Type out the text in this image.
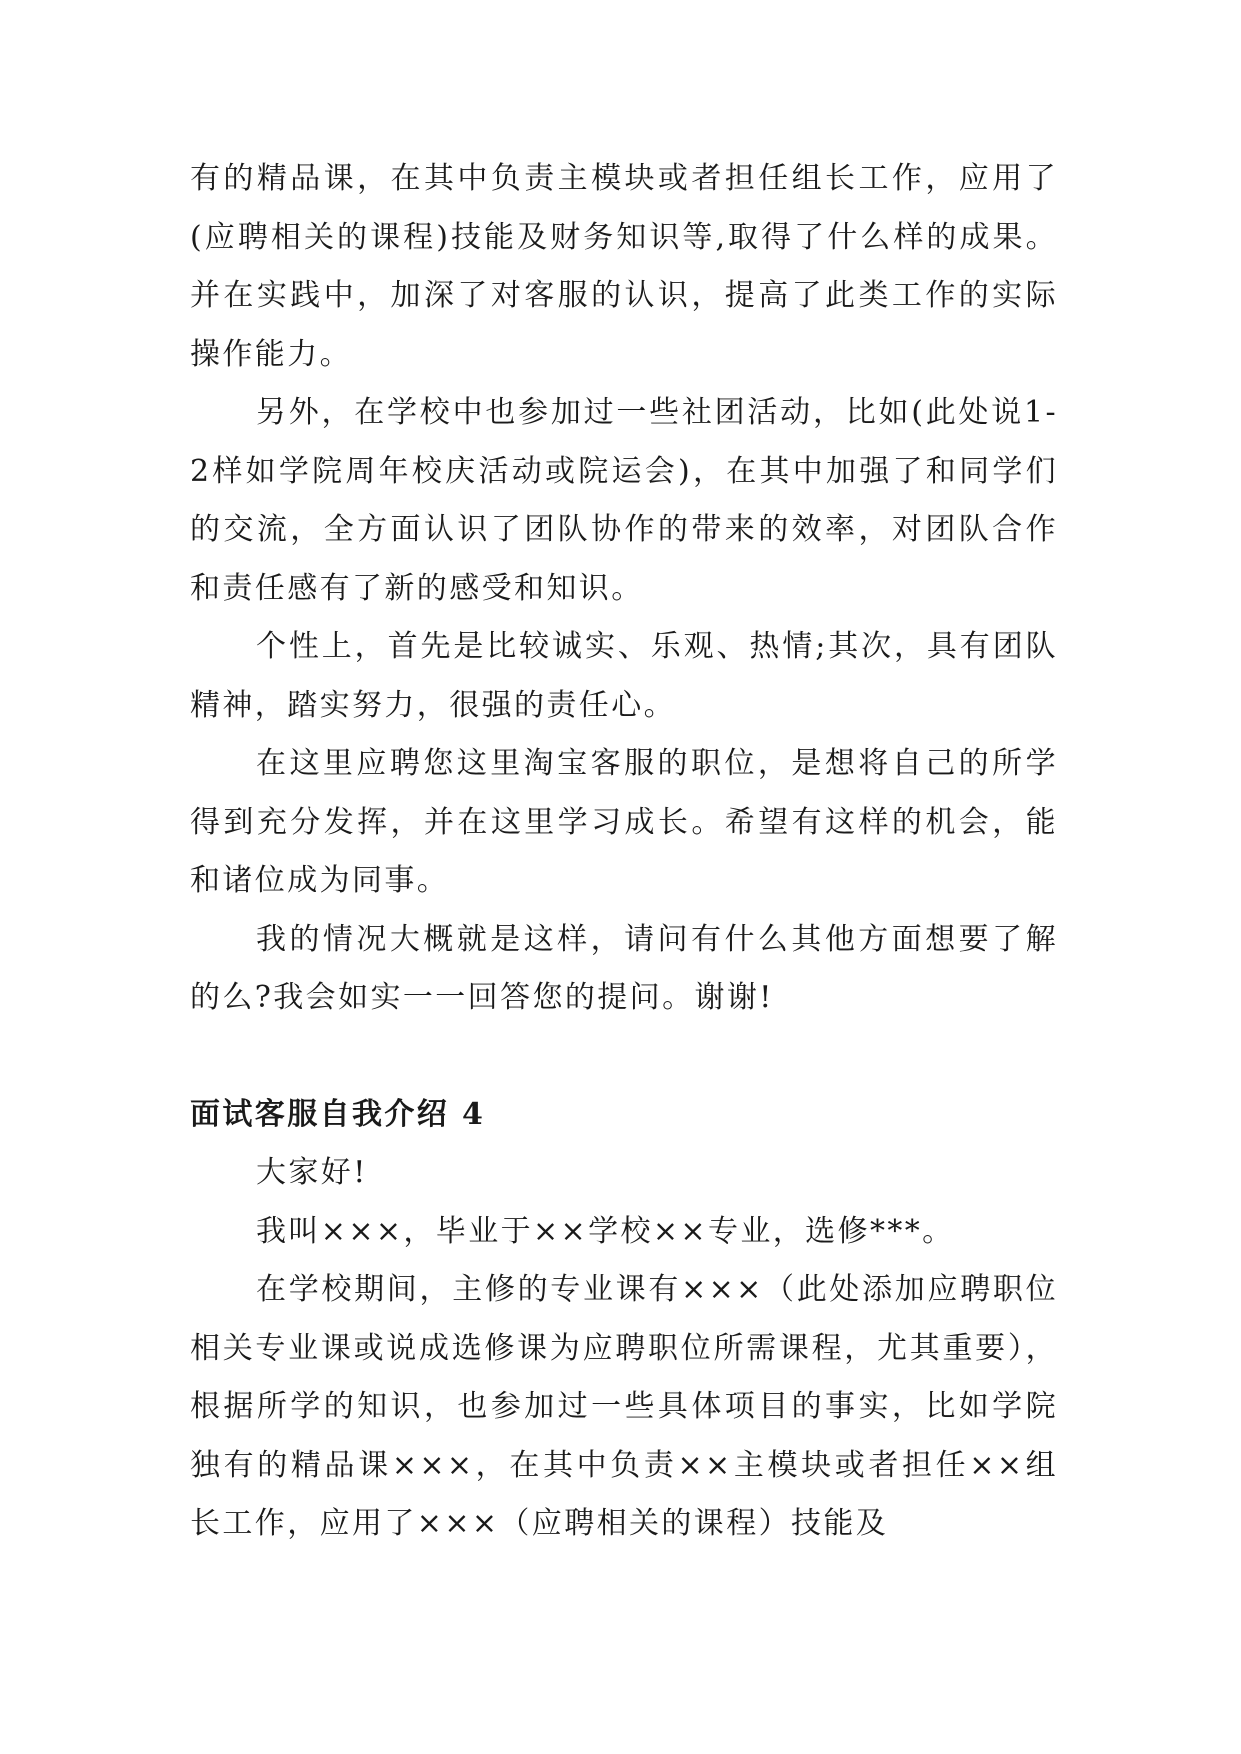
有的精品课，在其中负责主模块或者担任组长工作，应用了(应聘相关的课程)技能及财务知识等,取得了什么样的成果。并在实践中，加深了对客服的认识，提高了此类工作的实际操作能力。

另外，在学校中也参加过一些社团活动，比如(此处说1-2样如学院周年校庆活动或院运会)，在其中加强了和同学们的交流，全方面认识了团队协作的带来的效率，对团队合作和责任感有了新的感受和知识。

个性上，首先是比较诚实、乐观、热情;其次，具有团队精神，踏实努力，很强的责任心。

在这里应聘您这里淘宝客服的职位，是想将自己的所学得到充分发挥，并在这里学习成长。希望有这样的机会，能和诸位成为同事。

我的情况大概就是这样，请问有什么其他方面想要了解的么?我会如实一一回答您的提问。谢谢!

面试客服自我介绍 4

大家好!

我叫×××，毕业于××学校××专业，选修***。

在学校期间，主修的专业课有×××（此处添加应聘职位相关专业课或说成选修课为应聘职位所需课程，尤其重要），根据所学的知识，也参加过一些具体项目的事实，比如学院独有的精品课×××，在其中负责××主模块或者担任××组长工作，应用了×××（应聘相关的课程）技能及
